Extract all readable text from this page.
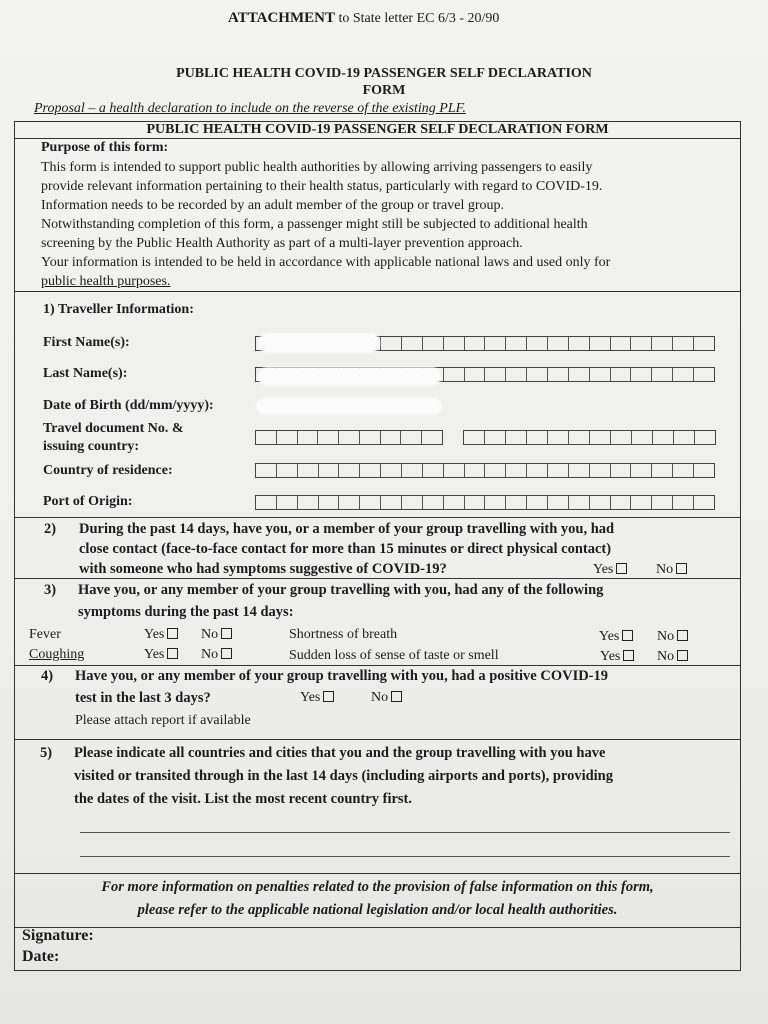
ATTACHMENT to State letter EC 6/3 - 20/90
PUBLIC HEALTH COVID-19 PASSENGER SELF DECLARATION
FORM
Proposal – a health declaration to include on the reverse of the existing PLF.
PUBLIC HEALTH COVID-19 PASSENGER SELF DECLARATION FORM
Purpose of this form:
This form is intended to support public health authorities by allowing arriving passengers to easily
provide relevant information pertaining to their health status, particularly with regard to COVID-19.
Information needs to be recorded by an adult member of the group or travel group.
Notwithstanding completion of this form, a passenger might still be subjected to additional health
screening by the Public Health Authority as part of a multi-layer prevention approach.
Your information is intended to be held in accordance with applicable national laws and used only for
public health purposes.
1) Traveller Information:
First Name(s):
Last Name(s):
Date of Birth (dd/mm/yyyy):
Travel document No. &
issuing country:
Country of residence:
Port of Origin:
2) During the past 14 days, have you, or a member of your group travelling with you, had
close contact (face-to-face contact for more than 15 minutes or direct physical contact)
with someone who had symptoms suggestive of COVID-19?	Yes	No
3) Have you, or any member of your group travelling with you, had any of the following
symptoms during the past 14 days:
Fever	Yes	No	Shortness of breath	Yes	No
Coughing	Yes	No	Sudden loss of sense of taste or smell	Yes	No
4) Have you, or any member of your group travelling with you, had a positive COVID-19
test in the last 3 days?	Yes	No
Please attach report if available
5) Please indicate all countries and cities that you and the group travelling with you have
visited or transited through in the last 14 days (including airports and ports), providing
the dates of the visit. List the most recent country first.
For more information on penalties related to the provision of false information on this form,
please refer to the applicable national legislation and/or local health authorities.
Signature:
Date:
